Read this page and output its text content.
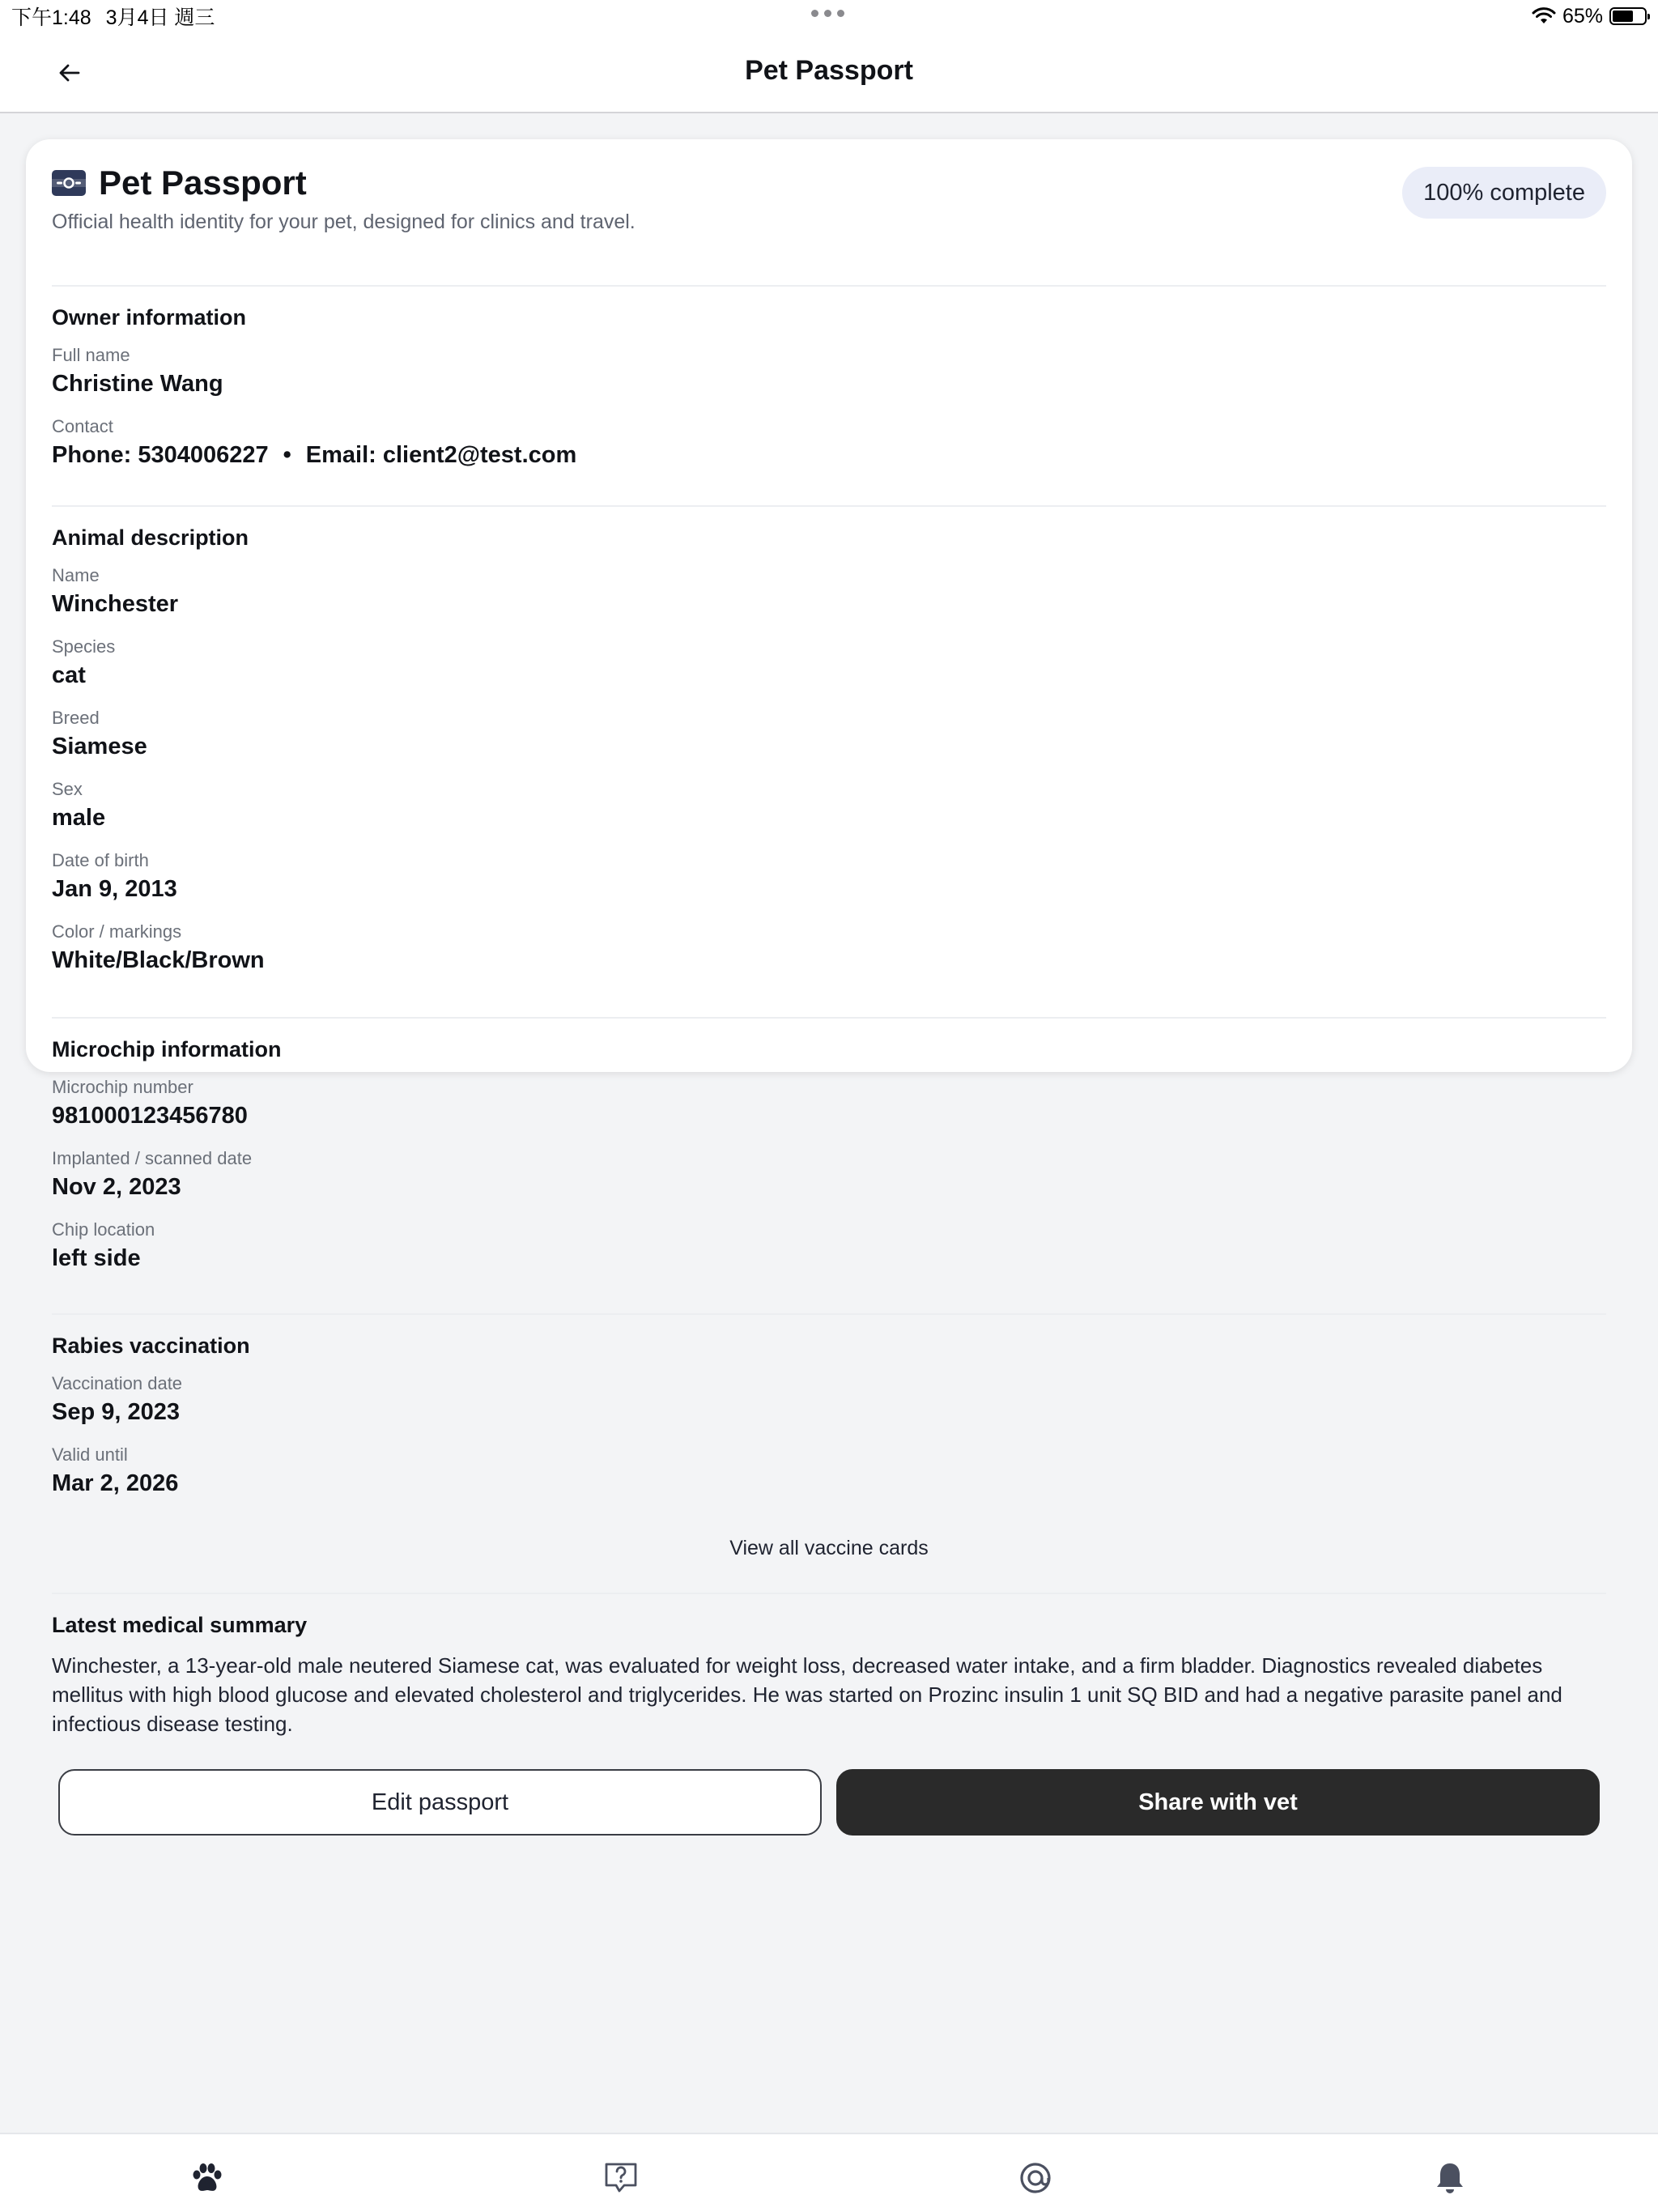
下午1:48 3月4日 週三	65%
Pet Passport
Pet Passport
Official health identity for your pet, designed for clinics and travel.
100% complete
Owner information
Full name
Christine Wang
Contact
Phone: 5304006227 • Email: client2@test.com
Animal description
Name
Winchester
Species
cat
Breed
Siamese
Sex
male
Date of birth
Jan 9, 2013
Color / markings
White/Black/Brown
Microchip information
Microchip number
981000123456780
Implanted / scanned date
Nov 2, 2023
Chip location
left side
Rabies vaccination
Vaccination date
Sep 9, 2023
Valid until
Mar 2, 2026
View all vaccine cards
Latest medical summary
Winchester, a 13-year-old male neutered Siamese cat, was evaluated for weight loss, decreased water intake, and a firm bladder. Diagnostics revealed diabetes mellitus with high blood glucose and elevated cholesterol and triglycerides. He was started on Prozinc insulin 1 unit SQ BID and had a negative parasite panel and infectious disease testing.
Edit passport	Share with vet
